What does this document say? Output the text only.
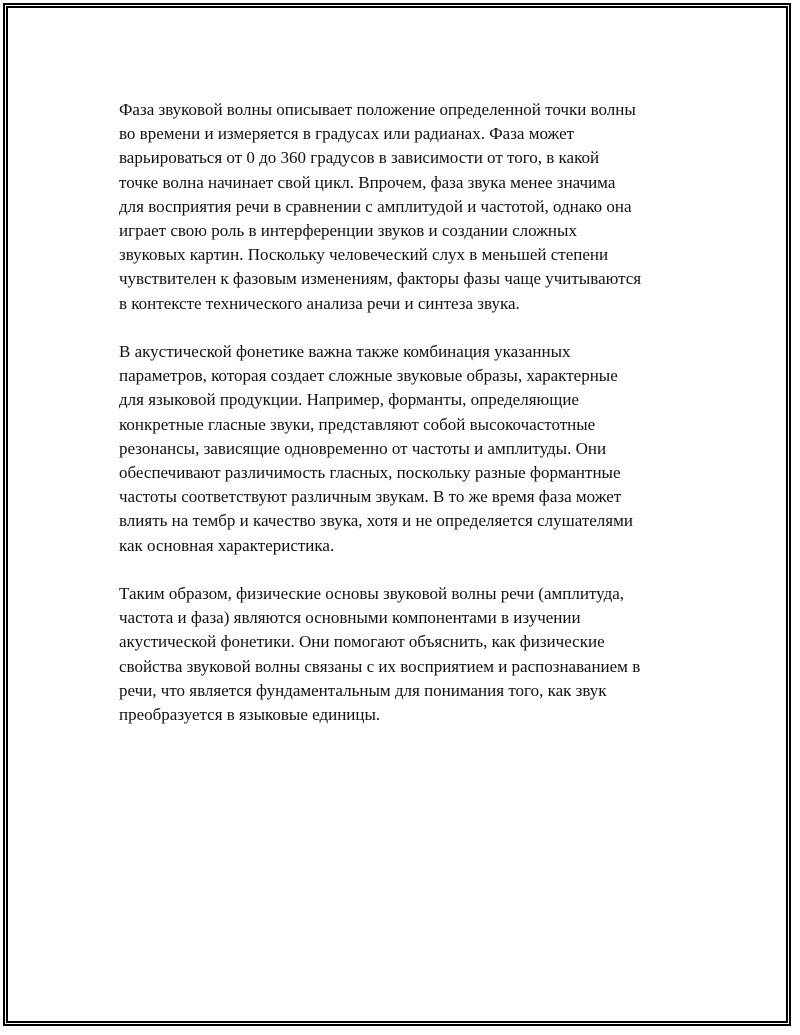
Фаза звуковой волны описывает положение определенной точки волны
во времени и измеряется в градусах или радианах. Фаза может
варьироваться от 0 до 360 градусов в зависимости от того, в какой
точке волна начинает свой цикл. Впрочем, фаза звука менее значима
для восприятия речи в сравнении с амплитудой и частотой, однако она
играет свою роль в интерференции звуков и создании сложных
звуковых картин. Поскольку человеческий слух в меньшей степени
чувствителен к фазовым изменениям, факторы фазы чаще учитываются
в контексте технического анализа речи и синтеза звука.

В акустической фонетике важна также комбинация указанных
параметров, которая создает сложные звуковые образы, характерные
для языковой продукции. Например, форманты, определяющие
конкретные гласные звуки, представляют собой высокочастотные
резонансы, зависящие одновременно от частоты и амплитуды. Они
обеспечивают различимость гласных, поскольку разные формантные
частоты соответствуют различным звукам. В то же время фаза может
влиять на тембр и качество звука, хотя и не определяется слушателями
как основная характеристика.

Таким образом, физические основы звуковой волны речи (амплитуда,
частота и фаза) являются основными компонентами в изучении
акустической фонетики. Они помогают объяснить, как физические
свойства звуковой волны связаны с их восприятием и распознаванием в
речи, что является фундаментальным для понимания того, как звук
преобразуется в языковые единицы.
